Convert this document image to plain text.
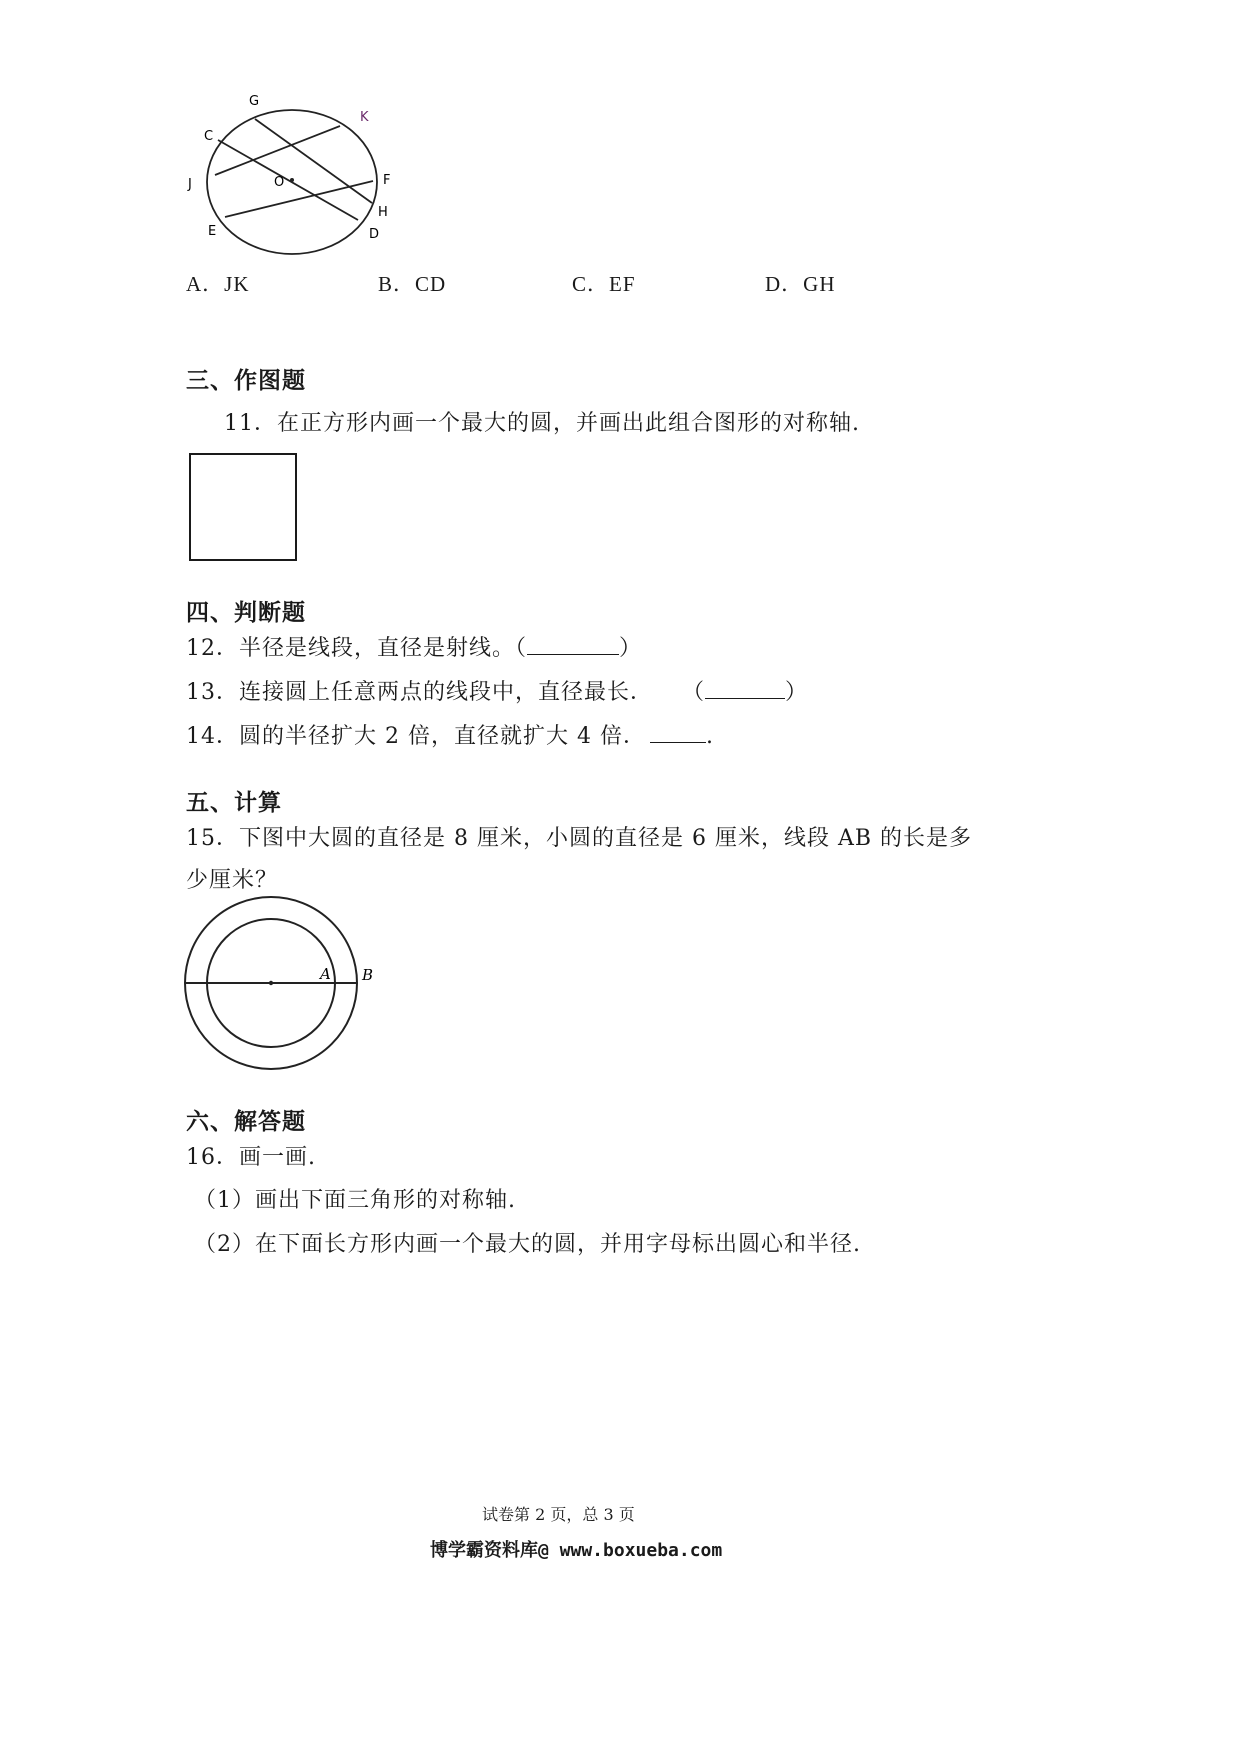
G
K
C
J	O	F
H
E	D
A．JK	B．CD	C．EF	D．GH
三、作图题
11．在正方形内画一个最大的圆，并画出此组合图形的对称轴.
四、判断题
12．半径是线段，直径是射线。（	）
13．连接圆上任意两点的线段中，直径最长． （	）
14．圆的半径扩大 2 倍，直径就扩大 4 倍．	.
五、计算
15．下图中大圆的直径是 8 厘米，小圆的直径是 6 厘米，线段 AB 的长是多
少厘米？
A B
六、解答题
16．画一画.
（1）画出下面三角形的对称轴.
（2）在下面长方形内画一个最大的圆，并用字母标出圆心和半径.
试卷第 2 页，总 3 页
博学霸资料库@ www.boxueba.com
